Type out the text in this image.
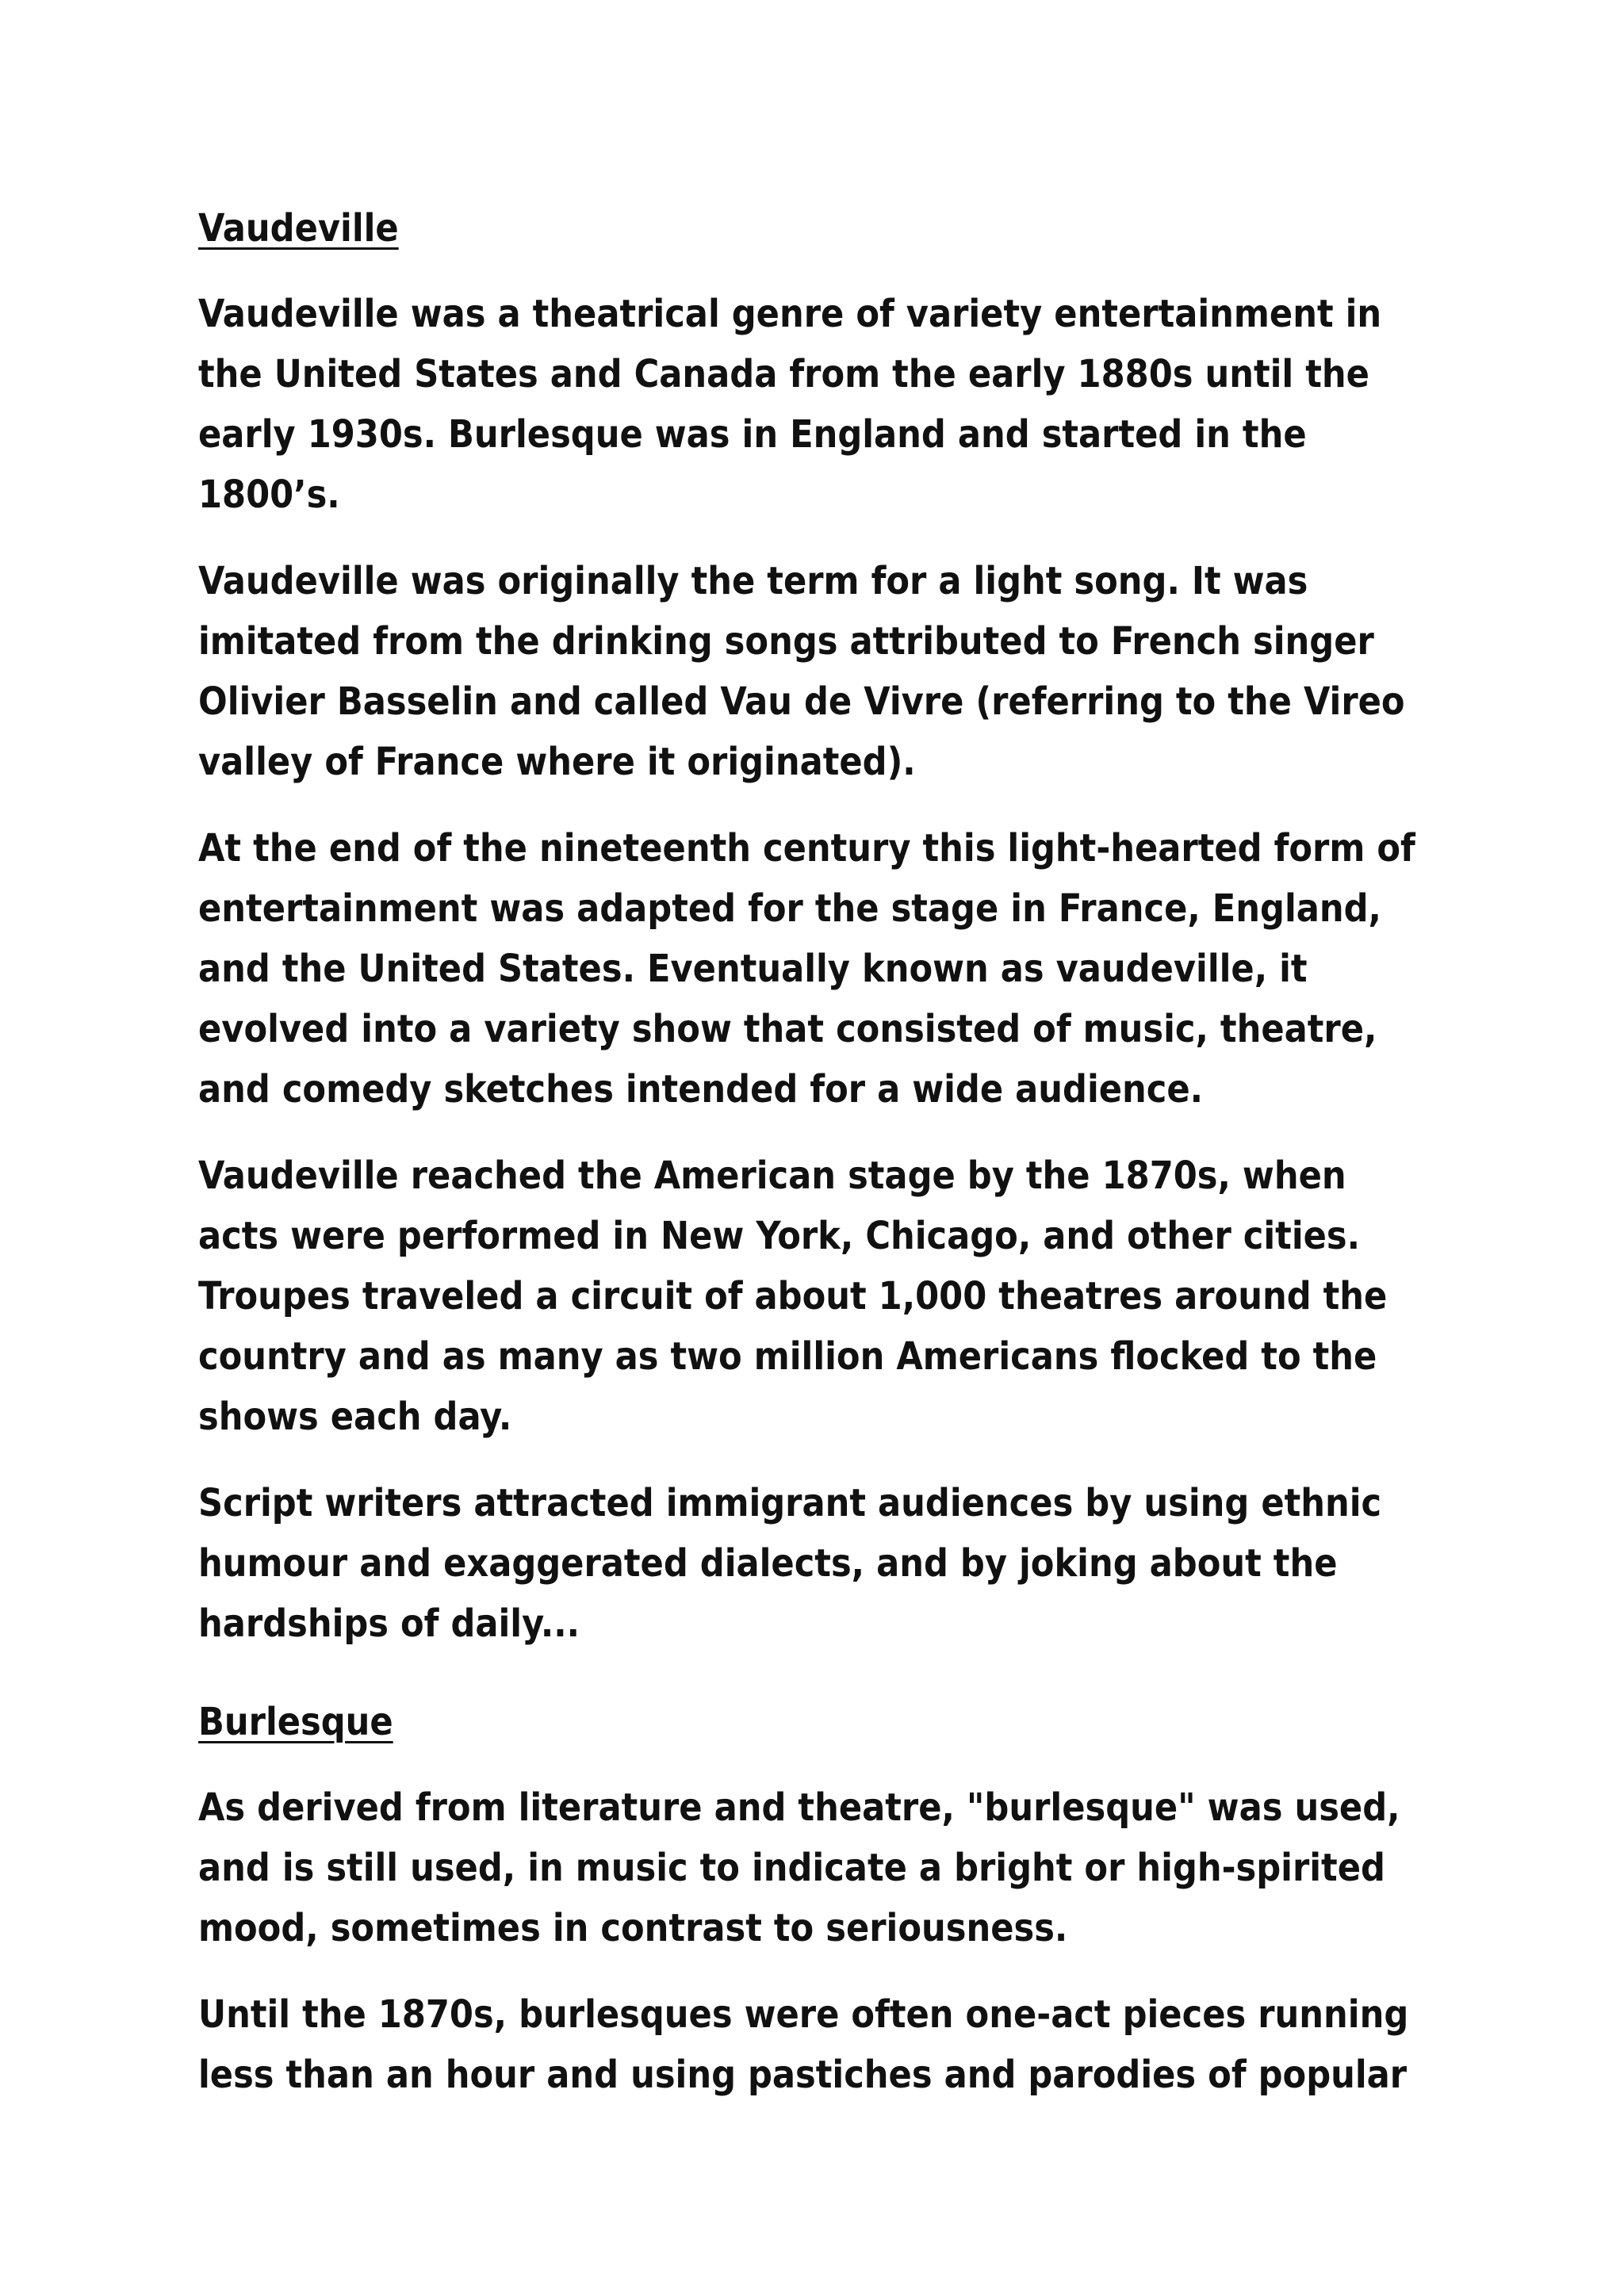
Vaudeville

Vaudeville was a theatrical genre of variety entertainment in the United States and Canada from the early 1880s until the early 1930s. Burlesque was in England and started in the 1800’s.

Vaudeville was originally the term for a light song. It was imitated from the drinking songs attributed to French singer Olivier Basselin and called Vau de Vivre (referring to the Vireo valley of France where it originated).

At the end of the nineteenth century this light-hearted form of entertainment was adapted for the stage in France, England, and the United States. Eventually known as vaudeville, it evolved into a variety show that consisted of music, theatre, and comedy sketches intended for a wide audience.

Vaudeville reached the American stage by the 1870s, when acts were performed in New York, Chicago, and other cities. Troupes traveled a circuit of about 1,000 theatres around the country and as many as two million Americans flocked to the shows each day.

Script writers attracted immigrant audiences by using ethnic humour and exaggerated dialects, and by joking about the hardships of daily...

Burlesque

As derived from literature and theatre, "burlesque" was used, and is still used, in music to indicate a bright or high-spirited mood, sometimes in contrast to seriousness.

Until the 1870s, burlesques were often one-act pieces running less than an hour and using pastiches and parodies of popular
